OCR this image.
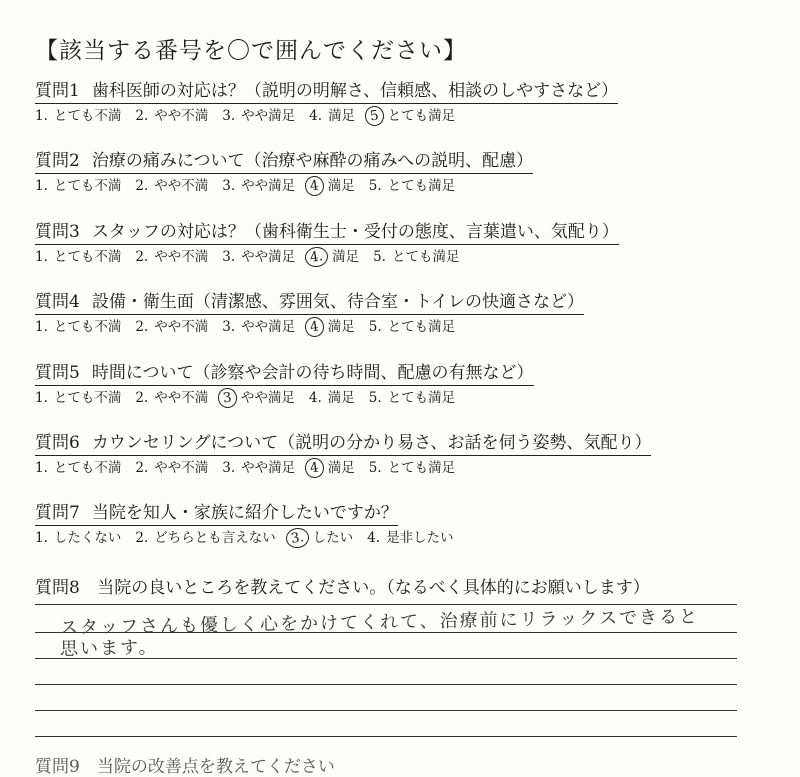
【該当する番号を〇で囲んでください】
質問1 歯科医師の対応は？（説明の明解さ、信頼感、相談のしやすさなど）
1. とても不満 2. やや不満 3. やや満足 4. 満足 5 とても満足
質問2 治療の痛みについて（治療や麻酔の痛みへの説明、配慮）
1. とても不満 2. やや不満 3. やや満足 4 満足 5. とても満足
質問3 スタッフの対応は？（歯科衛生士・受付の態度、言葉遣い、気配り）
1. とても不満 2. やや不満 3. やや満足 4. 満足 5. とても満足
質問4 設備・衛生面（清潔感、雰囲気、待合室・トイレの快適さなど）
1. とても不満 2. やや不満 3. やや満足 4 満足 5. とても満足
質問5 時間について（診察や会計の待ち時間、配慮の有無など）
1. とても不満 2. やや不満 3 やや満足 4. 満足 5. とても満足
質問6 カウンセリングについて（説明の分かり易さ、お話を伺う姿勢、気配り）
1. とても不満 2. やや不満 3. やや満足 4 満足 5. とても満足
質問7 当院を知人・家族に紹介したいですか？
1. したくない 2. どちらとも言えない 3. したい 4. 是非したい
質問8 当院の良いところを教えてください。（なるべく具体的にお願いします）
スタッフさんも優しく心をかけてくれて、治療前にリラックスできると
思います。
質問9　当院の改善点を教えてください
